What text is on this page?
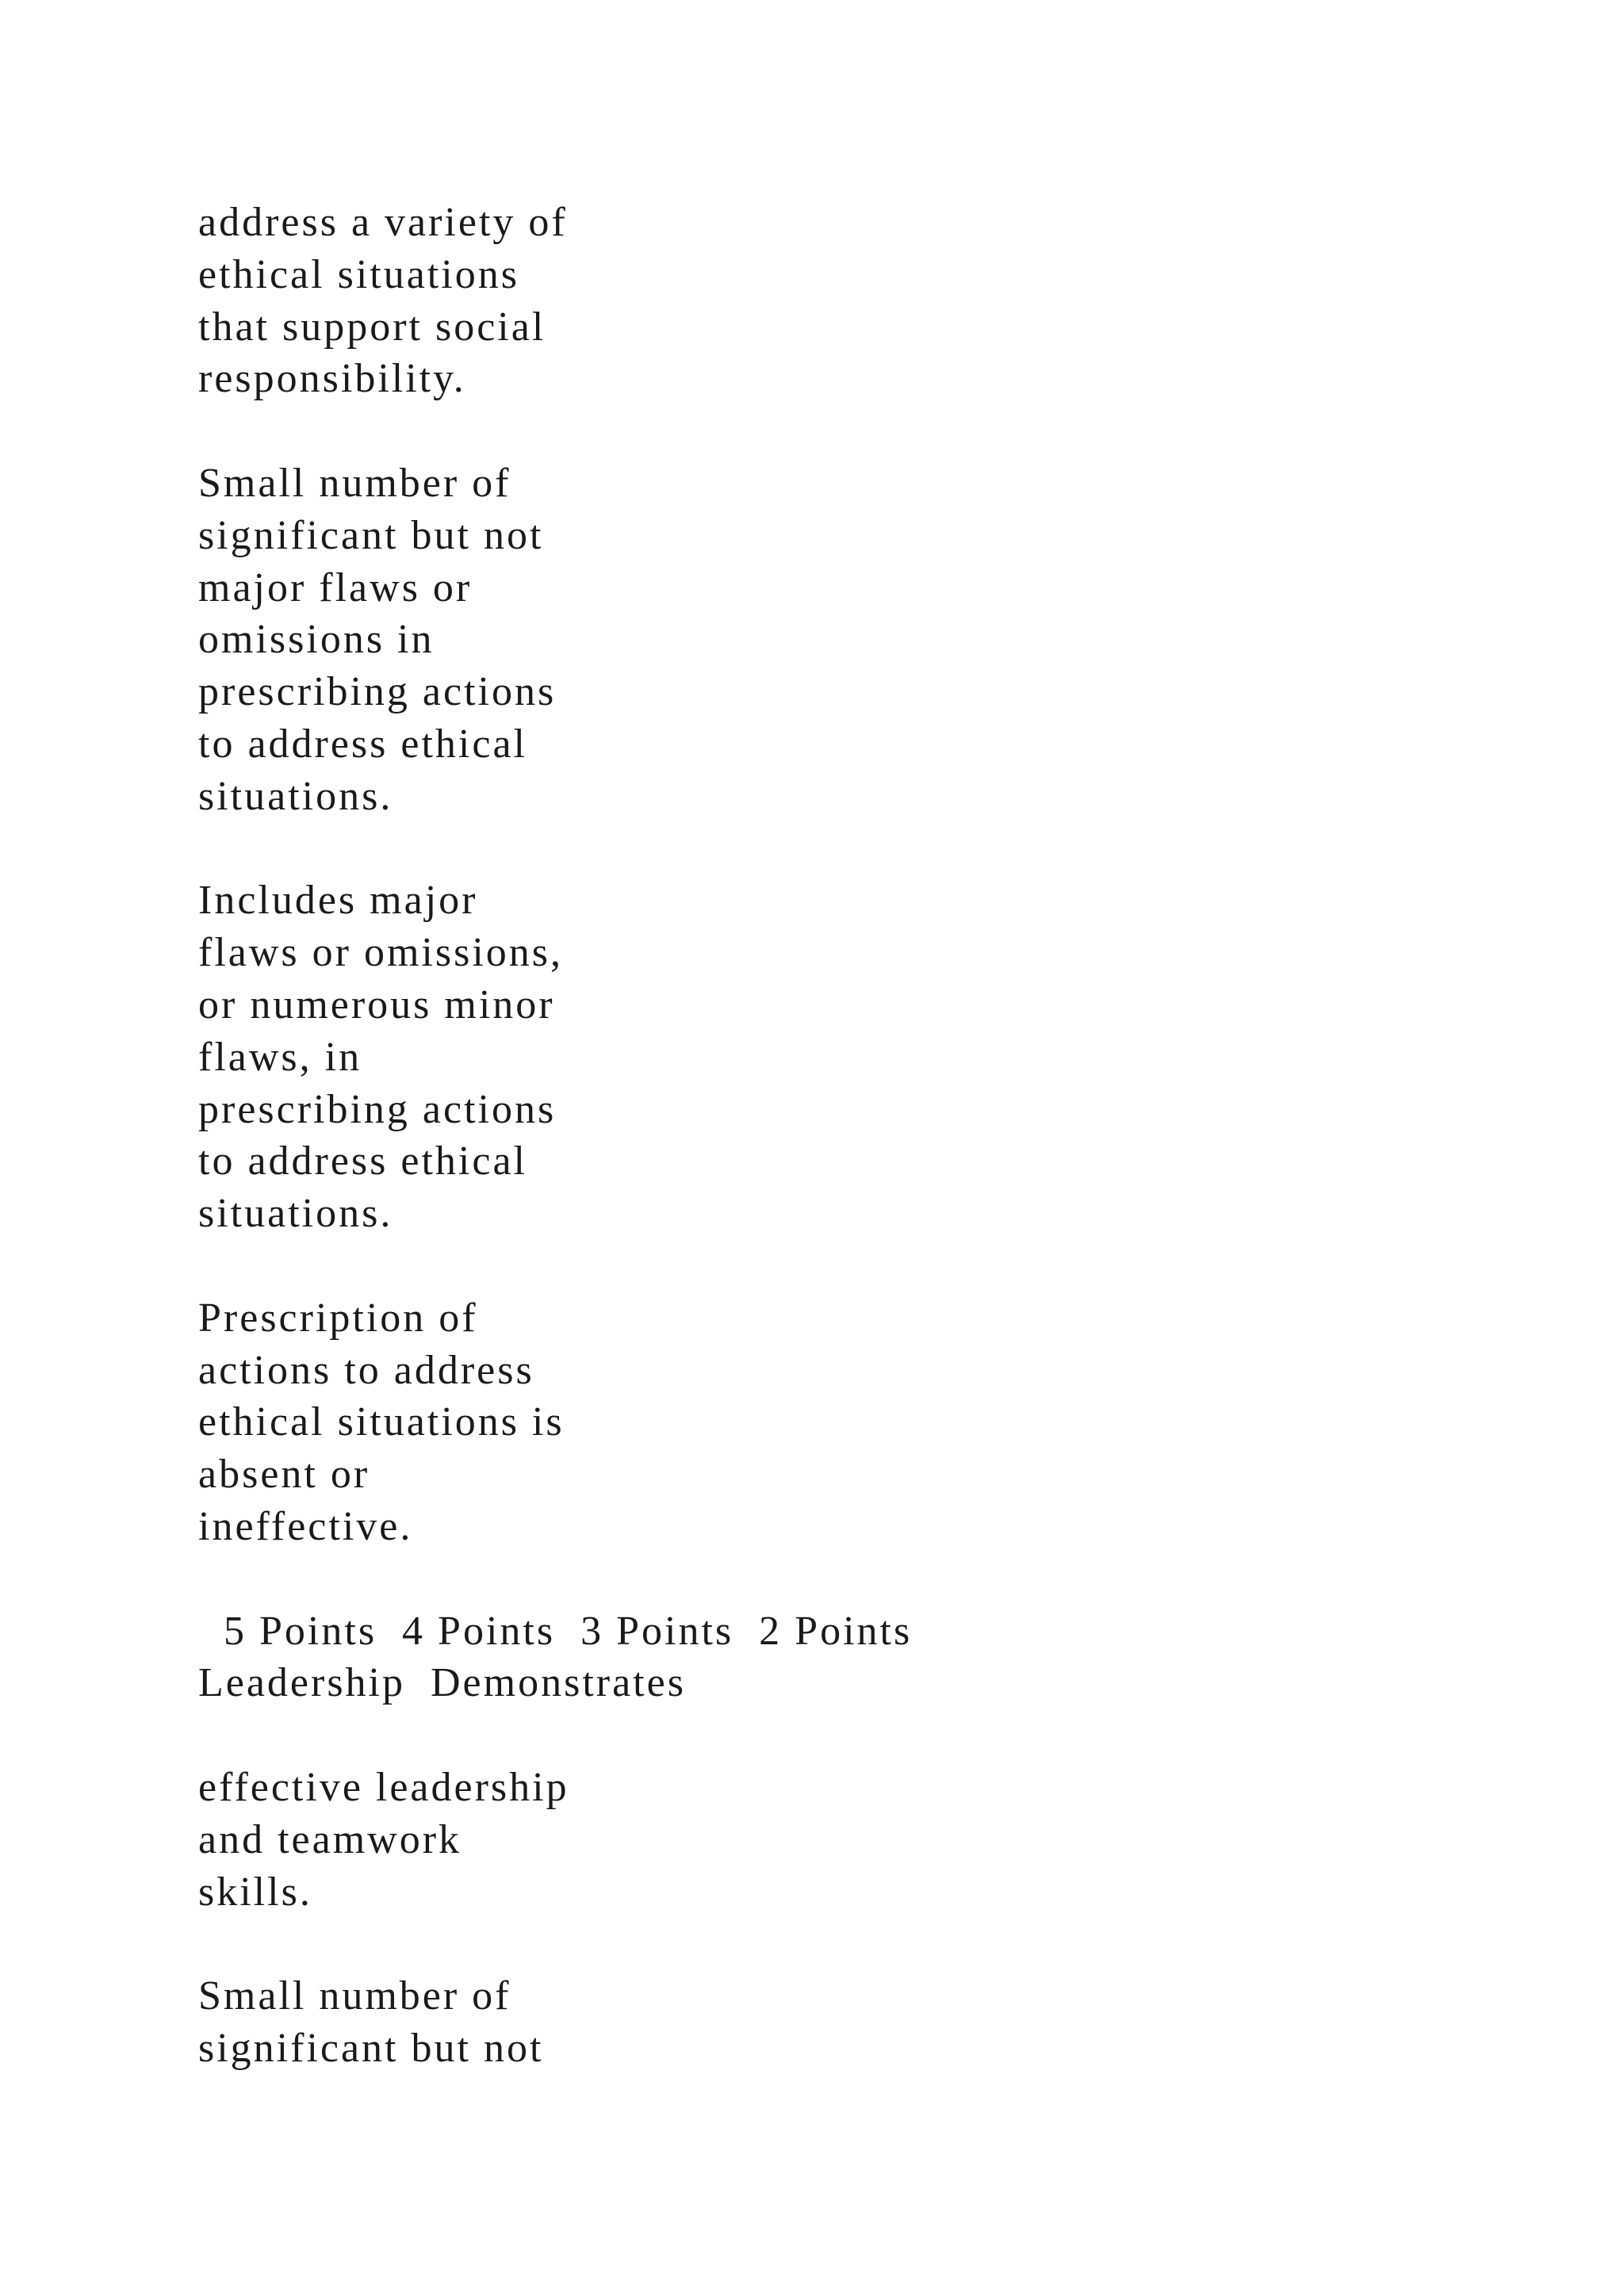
address a variety of
ethical situations
that support social
responsibility.
Small number of
significant but not
major flaws or
omissions in
prescribing actions
to address ethical
situations.
Includes major
flaws or omissions,
or numerous minor
flaws, in
prescribing actions
to address ethical
situations.
Prescription of
actions to address
ethical situations is
absent or
ineffective.
5 Points  4 Points  3 Points  2 Points
Leadership  Demonstrates
effective leadership
and teamwork
skills.
Small number of
significant but not
